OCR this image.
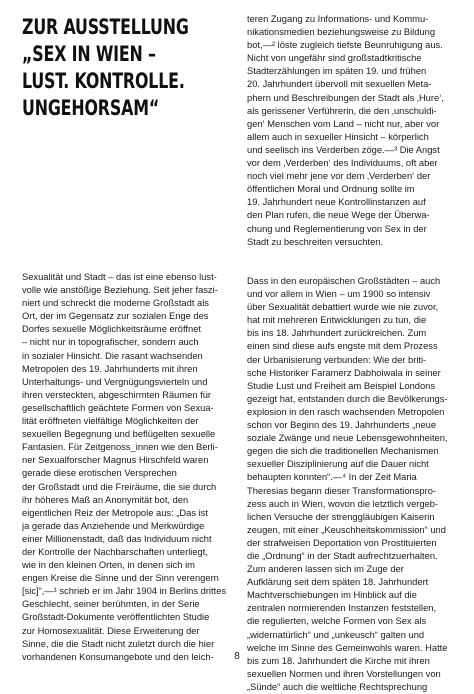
ZUR AUSSTELLUNG
„SEX IN WIEN –
LUST. KONTROLLE.
UNGEHORSAM“
Sexualität und Stadt – das ist eine ebenso lust-
volle wie anstößige Beziehung. Seit jeher faszi-
niert und schreckt die moderne Großstadt als
Ort, der im Gegensatz zur sozialen Enge des
Dorfes sexuelle Möglichkeitsräume eröffnet
– nicht nur in topografischer, sondern auch
in sozialer Hinsicht. Die rasant wachsenden
Metropolen des 19. Jahrhunderts mit ihren
Unterhaltungs- und Vergnügungsvierteln und
ihren versteckten, abgeschirmten Räumen für
gesellschaftlich geächtete Formen von Sexua-
lität eröffneten vielfältige Möglichkeiten der
sexuellen Begegnung und beflügelten sexuelle
Fantasien. Für Zeitgenoss_innen wie den Berli-
ner Sexualforscher Magnus Hirschfeld waren
gerade diese erotischen Versprechen
der Großstadt und die Freiräume, die sie durch
ihr höheres Maß an Anonymität bot, den
eigentlichen Reiz der Metropole aus: „Das ist
ja gerade das Anziehende und Merkwürdige
einer Millionenstadt, daß das Individuum nicht
der Kontrolle der Nachbarschaften unterliegt,
wie in den kleinen Orten, in denen sich im
engen Kreise die Sinne und der Sinn verengern
[sic]“,—¹ schrieb er im Jahr 1904 in Berlins drittes
Geschlecht, seiner berühmten, in der Serie
Großstadt-Dokumente veröffentlichten Studie
zur Homosexualität. Diese Erweiterung der
Sinne, die die Stadt nicht zuletzt durch die hier
vorhandenen Konsumangebote und den leich-
teren Zugang zu Informations- und Kommu-
nikationsmedien beziehungsweise zu Bildung
bot,—² löste zugleich tiefste Beunruhigung aus.
Nicht von ungefähr sind großstadtkritische
Stadterzählungen im späten 19. und frühen
20. Jahrhundert übervoll mit sexuellen Meta-
phern und Beschreibungen der Stadt als ‚Hure‘,
als gerissener Verführerin, die den ‚unschuldi-
gen‘ Menschen vom Land – nicht nur, aber vor
allem auch in sexueller Hinsicht – körperlich
und seelisch ins Verderben zöge.—³ Die Angst
vor dem ‚Verderben‘ des Individuums, oft aber
noch viel mehr jene vor dem ‚Verderben‘ der
öffentlichen Moral und Ordnung sollte im
19. Jahrhundert neue Kontrollinstanzen auf
den Plan rufen, die neue Wege der Überwa-
chung und Reglementierung von Sex in der
Stadt zu beschreiten versuchten.
Dass in den europäischen Großstädten – auch
und vor allem in Wien – um 1900 so intensiv
über Sexualität debattiert wurde wie nie zuvor,
hat mit mehreren Entwicklungen zu tun, die
bis ins 18. Jahrhundert zurückreichen. Zum
einen sind diese aufs engste mit dem Prozess
der Urbanisierung verbunden: Wie der briti-
sche Historiker Faramerz Dabhoiwala in seiner
Studie Lust und Freiheit am Beispiel Londons
gezeigt hat, entstanden durch die Bevölkerungs-
explosion in den rasch wachsenden Metropolen
schon vor Beginn des 19. Jahrhunderts „neue
soziale Zwänge und neue Lebensgewohnheiten,
gegen die sich die traditionellen Mechanismen
sexueller Disziplinierung auf die Dauer nicht
behaupten konnten“.—⁴ In der Zeit Maria
Theresias begann dieser Transformationspro-
zess auch in Wien, wovon die letztlich vergeb-
lichen Versuche der strenggläubigen Kaiserin
zeugen, mit einer „Keuschheitskommission“ und
der strafweisen Deportation von Prostituierten
die „Ordnung“ in der Stadt aufrechtzuerhalten.
Zum anderen lassen sich im Zuge der
Aufklärung seit dem späten 18. Jahrhundert
Machtverschiebungen im Hinblick auf die
zentralen normierenden Instanzen feststellen,
die regulierten, welche Formen von Sex als
„widernatürlich“ und „unkeusch“ galten und
welche im Sinne des Gemeinwohls waren. Hatte
bis zum 18. Jahrhundert die Kirche mit ihren
sexuellen Normen und ihren Vorstellungen von
„Sünde“ auch die weltliche Rechtsprechung
8
